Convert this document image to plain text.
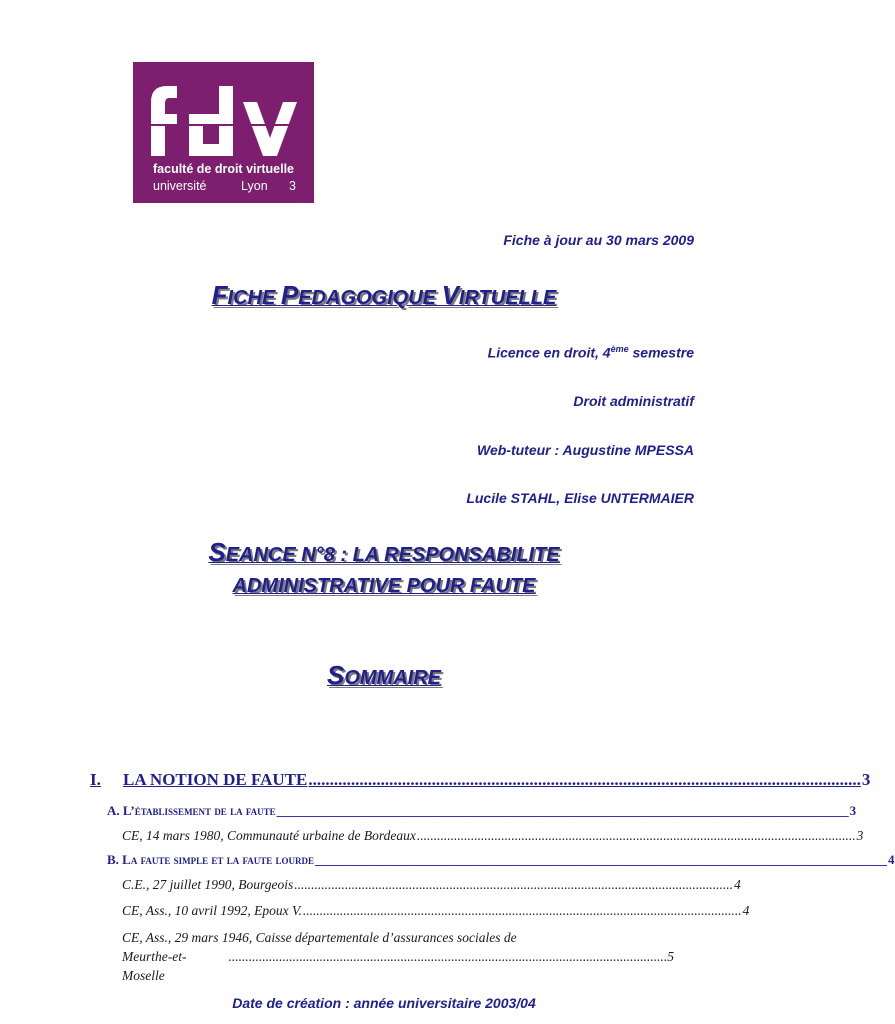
faculté de droit virtuelle
université	Lyon 3
Fiche à jour au 30 mars 2009
FICHE PEDAGOGIQUE VIRTUELLE
Licence en droit, 4ème semestre
Droit administratif
Web-tuteur : Augustine MPESSA
Lucile STAHL, Elise UNTERMAIER
SEANCE N°8 : LA RESPONSABILITE
ADMINISTRATIVE POUR FAUTE
SOMMAIRE
I.	LA NOTION DE FAUTE .................................................................................................................................. 3
A. L’ établissement de la faute ________________________________________________________________________________________ 3
CE, 14 mars 1980, Communauté urbaine de Bordeaux .................................................................................................................................. 3
B. L a faute simple et la faute lourde ________________________________________________________________________________________ 4
C.E., 27 juillet 1990, Bourgeois .................................................................................................................................. 4
CE, Ass., 10 avril 1992, Epoux V. .................................................................................................................................. 4
CE, Ass., 29 mars 1946, Caisse départementale d’assurances sociales de
Meurthe-et-Moselle
.................................................................................................................................. 5
Date de création : année universitaire 2003/04
